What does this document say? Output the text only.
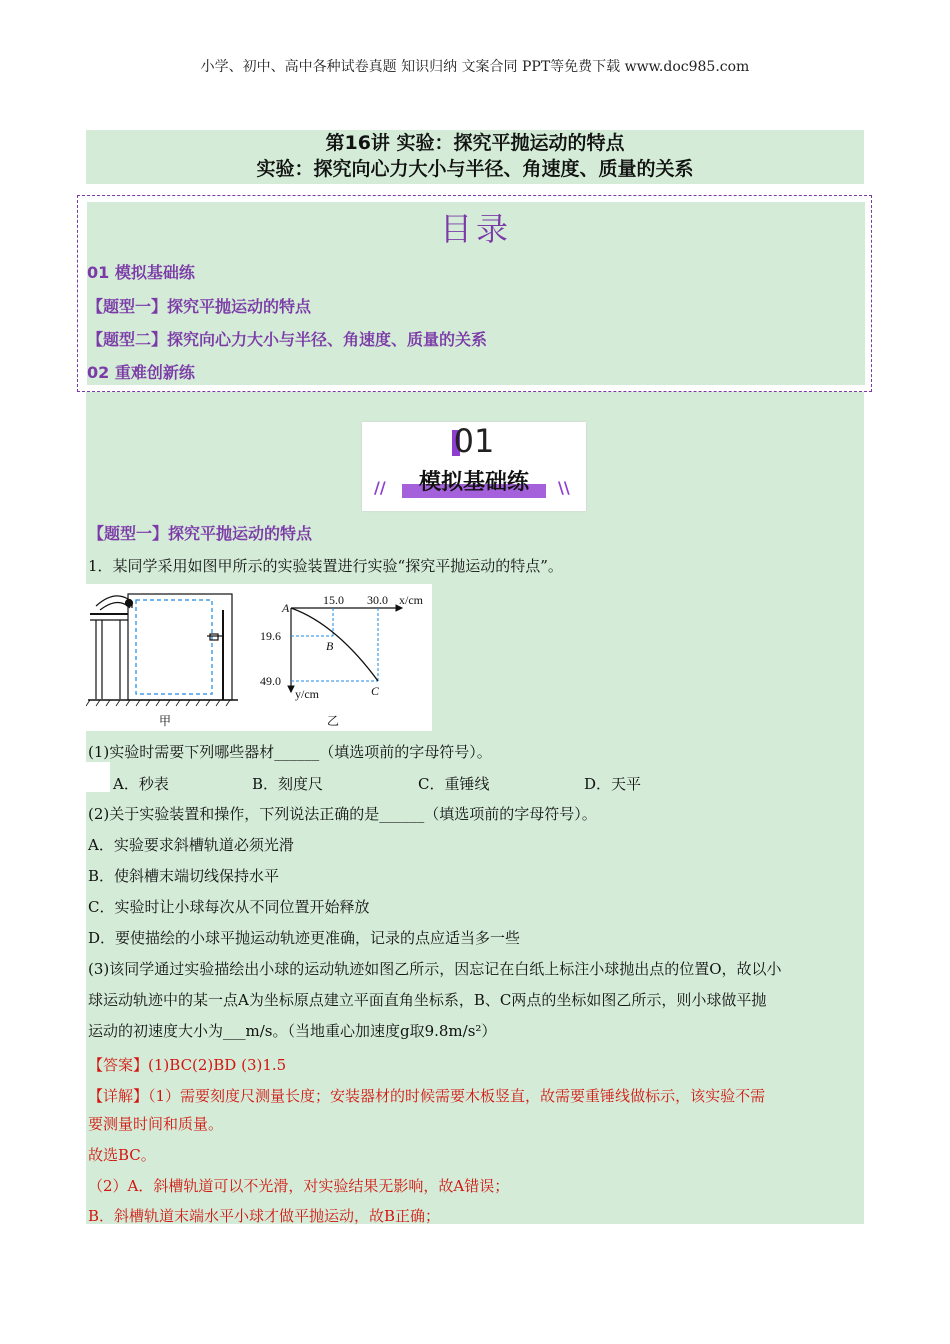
小学、初中、高中各种试卷真题 知识归纳 文案合同 PPT等免费下载 www.doc985.com
第16讲 实验：探究平抛运动的特点
实验：探究向心力大小与半径、角速度、质量的关系
目录
01 模拟基础练
【题型一】探究平抛运动的特点
【题型二】探究向心力大小与半径、角速度、质量的关系
02 重难创新练
01
//	\\
模拟基础练
【题型一】探究平抛运动的特点
1．某同学采用如图甲所示的实验装置进行实验“探究平抛运动的特点”。
甲
A
B
C
15.0 30.0 x/cm
19.6
49.0
y/cm
乙
(1)实验时需要下列哪些器材______（填选项前的字母符号）。
A．秒表	B．刻度尺	C．重锤线	D．天平
(2)关于实验装置和操作，下列说法正确的是______（填选项前的字母符号）。
A．实验要求斜槽轨道必须光滑
B．使斜槽末端切线保持水平
C．实验时让小球每次从不同位置开始释放
D．要使描绘的小球平抛运动轨迹更准确，记录的点应适当多一些
(3)该同学通过实验描绘出小球的运动轨迹如图乙所示，因忘记在白纸上标注小球抛出点的位置O，故以小
球运动轨迹中的某一点A为坐标原点建立平面直角坐标系，B、C两点的坐标如图乙所示，则小球做平抛
运动的初速度大小为___m/s。（当地重心加速度g取9.8m/s²）
【答案】(1)BC(2)BD (3)1.5
【详解】（1）需要刻度尺测量长度；安装器材的时候需要木板竖直，故需要重锤线做标示，该实验不需
要测量时间和质量。
故选BC。
（2）A．斜槽轨道可以不光滑，对实验结果无影响，故A错误；
B．斜槽轨道末端水平小球才做平抛运动，故B正确；
